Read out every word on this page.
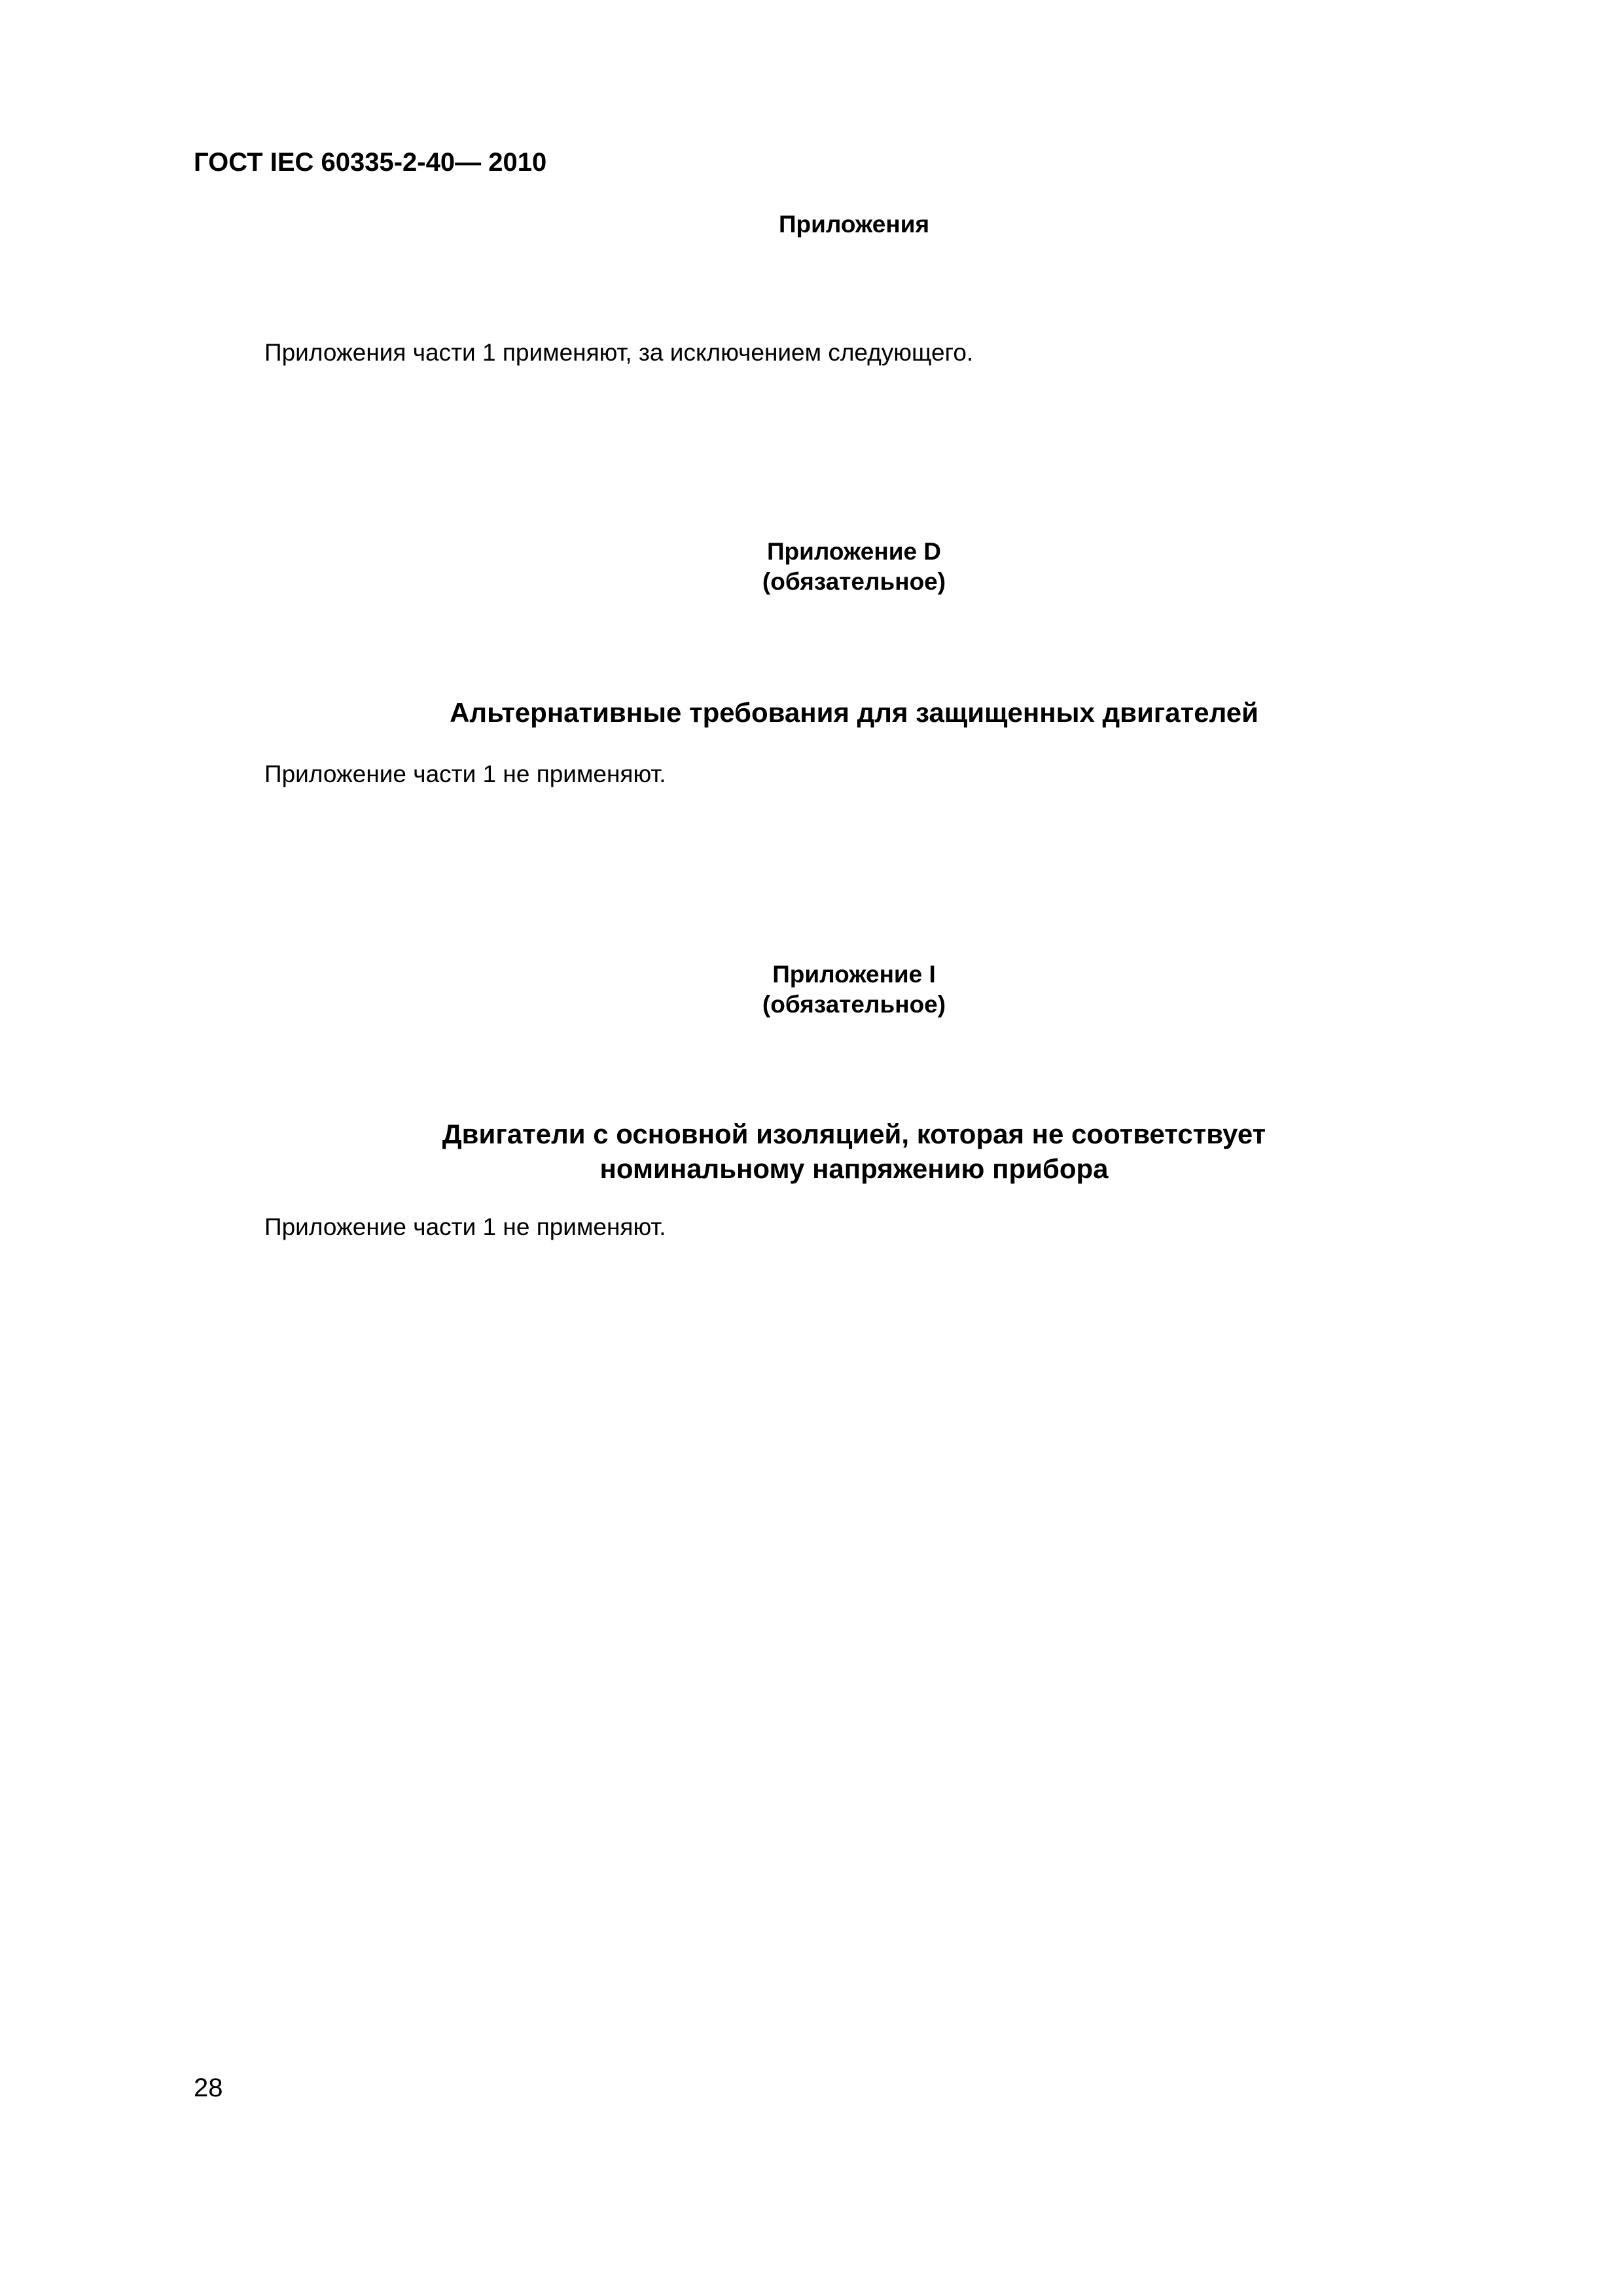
ГОСТ IEC 60335-2-40— 2010
Приложения
Приложения части 1 применяют, за исключением следующего.
Приложение D
(обязательное)
Альтернативные требования для защищенных двигателей
Приложение части 1 не применяют.
Приложение I
(обязательное)
Двигатели с основной изоляцией, которая не соответствует
номинальному напряжению прибора
Приложение части 1 не применяют.
28
